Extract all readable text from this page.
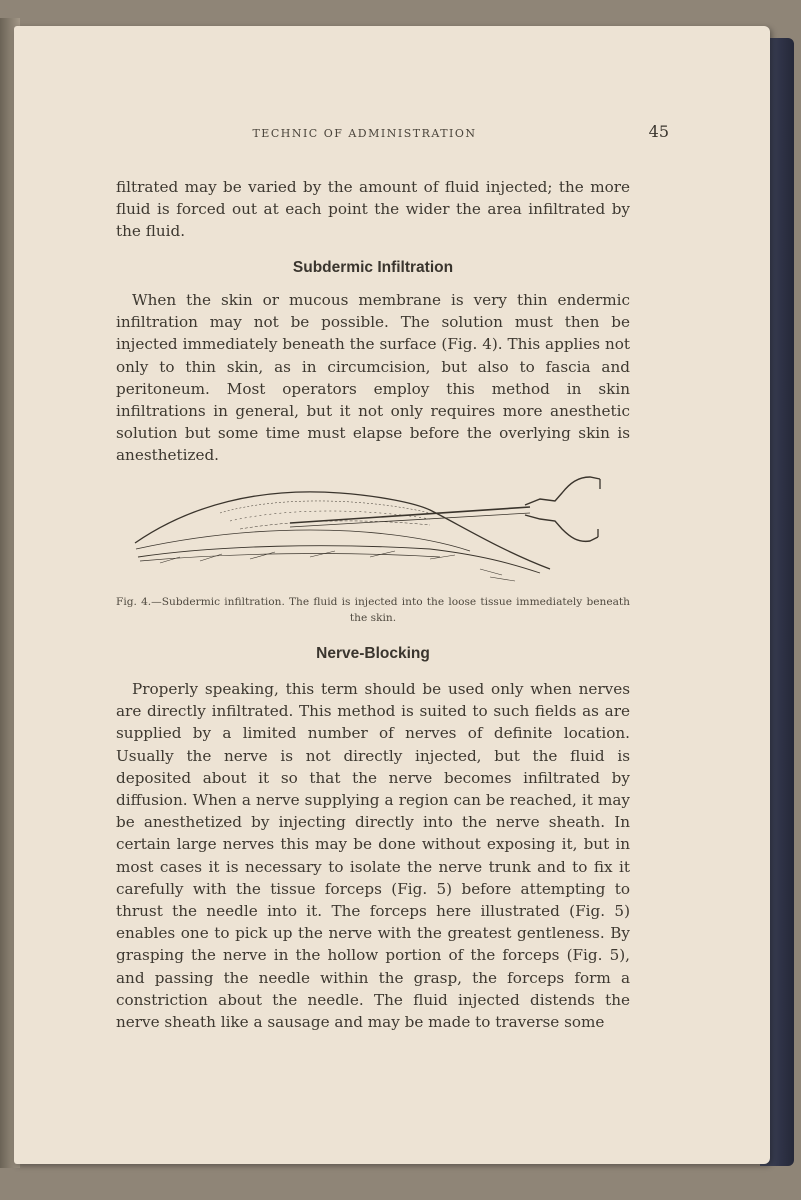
TECHNIC OF ADMINISTRATION	45

filtrated may be varied by the amount of fluid injected; the more fluid is forced out at each point the wider the area infiltrated by the fluid.

Subdermic Infiltration

When the skin or mucous membrane is very thin endermic infiltration may not be possible. The solution must then be injected immediately beneath the surface (Fig. 4). This applies not only to thin skin, as in circumcision, but also to fascia and peritoneum. Most operators employ this method in skin infiltrations in general, but it not only requires more anesthetic solution but some time must elapse before the overlying skin is anesthetized.

Fig. 4.—Subdermic infiltration. The fluid is injected into the loose tissue immediately beneath the skin.
Nerve-Blocking

Properly speaking, this term should be used only when nerves are directly infiltrated. This method is suited to such fields as are supplied by a limited number of nerves of definite location. Usually the nerve is not directly injected, but the fluid is deposited about it so that the nerve becomes infiltrated by diffusion. When a nerve supplying a region can be reached, it may be anesthetized by injecting directly into the nerve sheath. In certain large nerves this may be done without exposing it, but in most cases it is necessary to isolate the nerve trunk and to fix it carefully with the tissue forceps (Fig. 5) before attempting to thrust the needle into it. The forceps here illustrated (Fig. 5) enables one to pick up the nerve with the greatest gentleness. By grasping the nerve in the hollow portion of the forceps (Fig. 5), and passing the needle within the grasp, the forceps form a constriction about the needle. The fluid injected distends the nerve sheath like a sausage and may be made to traverse some
